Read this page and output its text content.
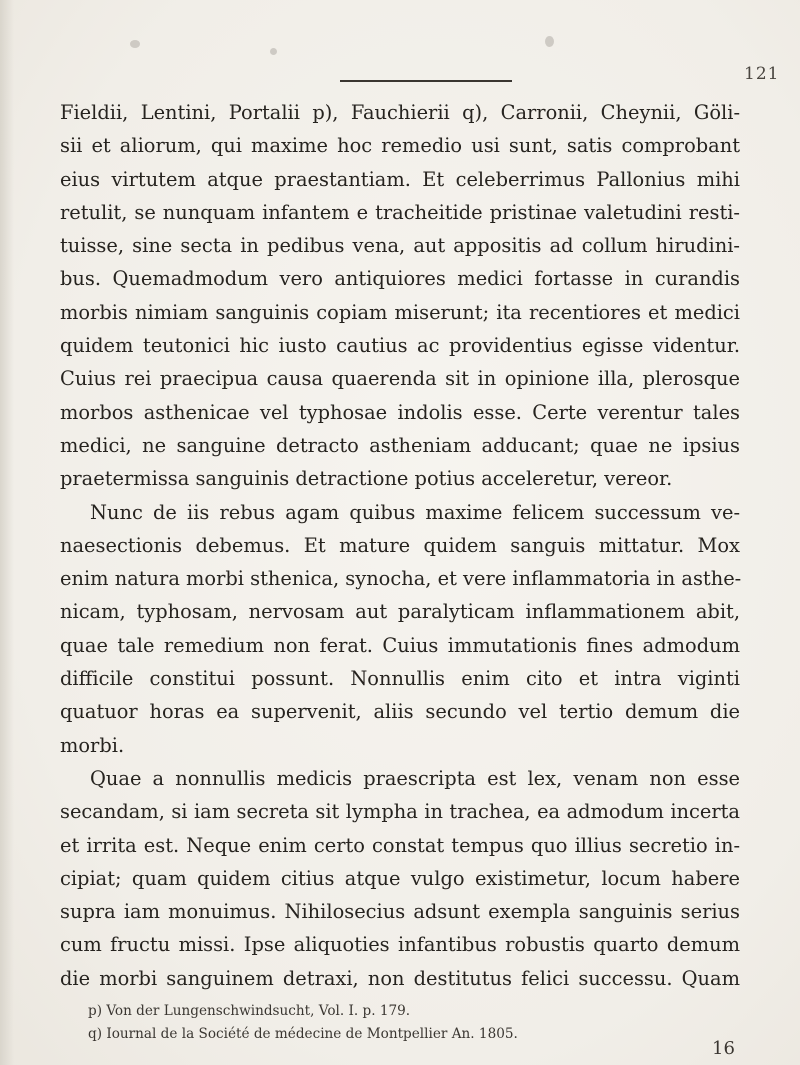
121
Fieldii, Lentini, Portalii p), Fauchierii q), Carronii, Cheynii, Göli-
sii et aliorum, qui maxime hoc remedio usi sunt, satis comprobant
eius virtutem atque praestantiam. Et celeberrimus Pallonius mihi
retulit, se nunquam infantem e tracheitide pristinae valetudini resti-
tuisse, sine secta in pedibus vena, aut appositis ad collum hirudini-
bus. Quemadmodum vero antiquiores medici fortasse in curandis
morbis nimiam sanguinis copiam miserunt; ita recentiores et medici
quidem teutonici hic iusto cautius ac providentius egisse videntur.
Cuius rei praecipua causa quaerenda sit in opinione illa, plerosque
morbos asthenicae vel typhosae indolis esse. Certe verentur tales
medici, ne sanguine detracto astheniam adducant; quae ne ipsius
praetermissa sanguinis detractione potius acceleretur, vereor.
Nunc de iis rebus agam quibus maxime felicem successum ve-
naesectionis debemus. Et mature quidem sanguis mittatur. Mox
enim natura morbi sthenica, synocha, et vere inflammatoria in asthe-
nicam, typhosam, nervosam aut paralyticam inflammationem abit,
quae tale remedium non ferat. Cuius immutationis fines admodum
difficile constitui possunt. Nonnullis enim cito et intra viginti
quatuor horas ea supervenit, aliis secundo vel tertio demum die
morbi.
Quae a nonnullis medicis praescripta est lex, venam non esse
secandam, si iam secreta sit lympha in trachea, ea admodum incerta
et irrita est. Neque enim certo constat tempus quo illius secretio in-
cipiat; quam quidem citius atque vulgo existimetur, locum habere
supra iam monuimus. Nihilosecius adsunt exempla sanguinis serius
cum fructu missi. Ipse aliquoties infantibus robustis quarto demum
die morbi sanguinem detraxi, non destitutus felici successu. Quam
p) Von der Lungenschwindsucht, Vol. I. p. 179.
q) Iournal de la Société de médecine de Montpellier An. 1805.
16
